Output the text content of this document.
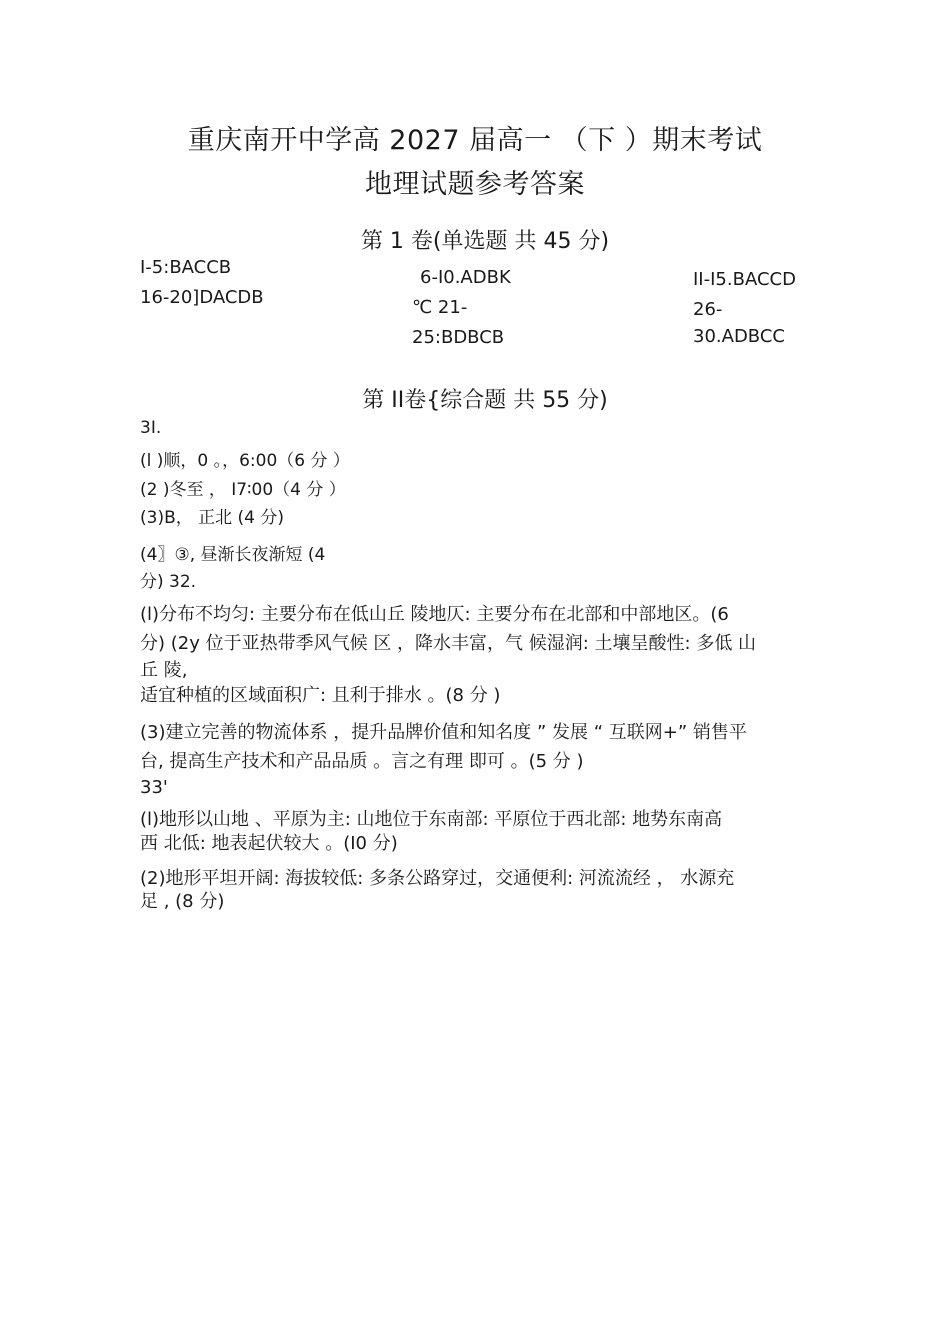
重庆南开中学高 2027 届高一 （下 ）期末考试
地理试题参考答案
第 1 卷(单选题 共 45 分)
I-5:BACCB
16-20]DACDB
6-I0.ADBK
℃ 21-
25:BDBCB
II-I5.BACCD
26-
30.ADBCC
第 II卷{综合题 共 55 分)
3I.
(l )顺，0 。，6:00（6 分 ）
(2 )冬至 ， I7∶00（4 分 ）
(3)B， 正北 (4 分)
(4〗③, 昼渐长夜渐短 (4
分) 32.
(l)分布不均匀: 主要分布在低山丘 陵地仄: 主要分布在北部和中部地区。(6
分) (2y 位于亚热带季风气候 区 ，降水丰富，气 候湿润: 土壤呈酸性: 多低 山
丘 陵,
适宜种植的区域面积广: 且利于排水 。(8 分 )
(3)建立完善的物流体系 ，提升品牌价值和知名度 ” 发展 “ 互联网+” 销售平
台, 提高生产技术和产品品质 。言之有理 即可 。(5 分 )
33'
(l)地形以山地 、平原为主: 山地位于东南部: 平原位于西北部: 地势东南高
西 北低: 地表起伏较大 。(I0 分)
(2)地形平坦开阔: 海拔较低: 多条公路穿过，交通便利: 河流流经 ， 水源充
足 , (8 分)
